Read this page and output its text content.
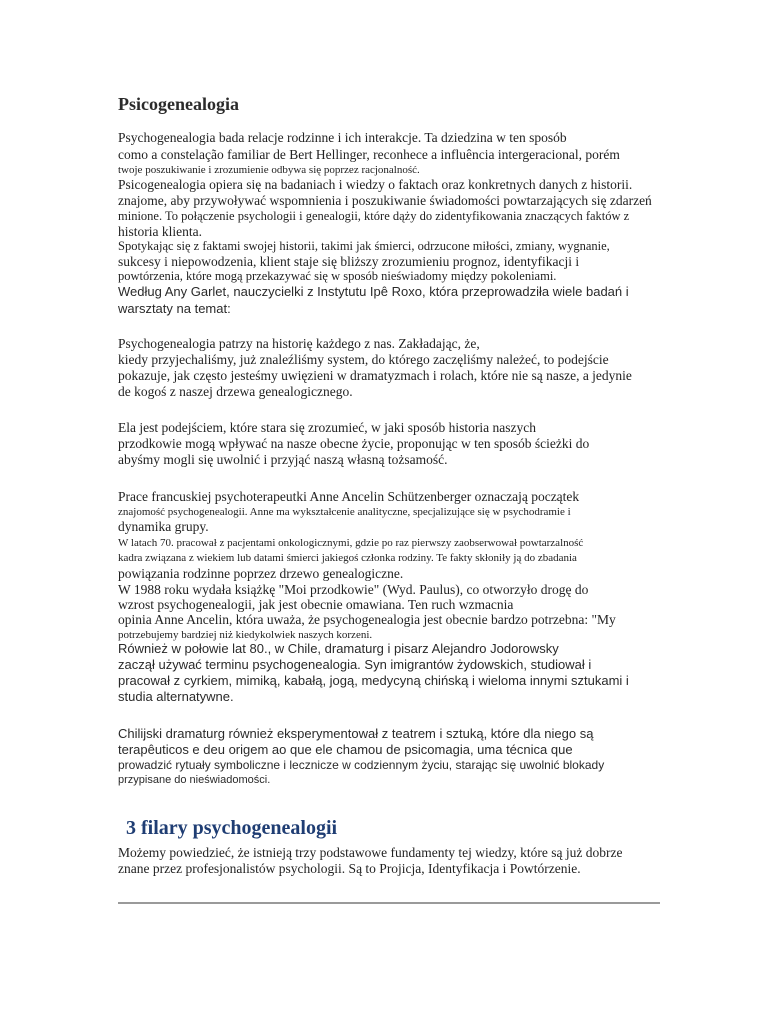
Psicogenealogia

Psychogenealogia bada relacje rodzinne i ich interakcje. Ta dziedzina w ten sposób

como a constelação familiar de Bert Hellinger, reconhece a influência intergeracional, porém

twoje poszukiwanie i zrozumienie odbywa się poprzez racjonalność.

Psicogenealogia opiera się na badaniach i wiedzy o faktach oraz konkretnych danych z historii.

znajome, aby przywoływać wspomnienia i poszukiwanie świadomości powtarzających się zdarzeń

minione. To połączenie psychologii i genealogii, które dąży do zidentyfikowania znaczących faktów z

historia klienta.

Spotykając się z faktami swojej historii, takimi jak śmierci, odrzucone miłości, zmiany, wygnanie,

sukcesy i niepowodzenia, klient staje się bliższy zrozumieniu prognoz, identyfikacji i

powtórzenia, które mogą przekazywać się w sposób nieświadomy między pokoleniami.

Według Any Garlet, nauczycielki z Instytutu Ipê Roxo, która przeprowadziła wiele badań i

warsztaty na temat:

Psychogenealogia patrzy na historię każdego z nas. Zakładając, że,

kiedy przyjechaliśmy, już znaleźliśmy system, do którego zaczęliśmy należeć, to podejście

pokazuje, jak często jesteśmy uwięzieni w dramatyzmach i rolach, które nie są nasze, a jedynie

de kogoś z naszej drzewa genealogicznego.

Ela jest podejściem, które stara się zrozumieć, w jaki sposób historia naszych

przodkowie mogą wpływać na nasze obecne życie, proponując w ten sposób ścieżki do

abyśmy mogli się uwolnić i przyjąć naszą własną tożsamość.

Prace francuskiej psychoterapeutki Anne Ancelin Schützenberger oznaczają początek

znajomość psychogenealogii. Anne ma wykształcenie analityczne, specjalizujące się w psychodramie i

dynamika grupy.

W latach 70. pracował z pacjentami onkologicznymi, gdzie po raz pierwszy zaobserwował powtarzalność

kadra związana z wiekiem lub datami śmierci jakiegoś członka rodziny. Te fakty skłoniły ją do zbadania

powiązania rodzinne poprzez drzewo genealogiczne.

W 1988 roku wydała książkę "Moi przodkowie" (Wyd. Paulus), co otworzyło drogę do

wzrost psychogenealogii, jak jest obecnie omawiana. Ten ruch wzmacnia

opinia Anne Ancelin, która uważa, że psychogenealogia jest obecnie bardzo potrzebna: "My

potrzebujemy bardziej niż kiedykolwiek naszych korzeni.

Również w połowie lat 80., w Chile, dramaturg i pisarz Alejandro Jodorowsky

zaczął używać terminu psychogenealogia. Syn imigrantów żydowskich, studiował i

pracował z cyrkiem, mimiką, kabałą, jogą, medycyną chińską i wieloma innymi sztukami i

studia alternatywne.

Chilijski dramaturg również eksperymentował z teatrem i sztuką, które dla niego są

terapêuticos e deu origem ao que ele chamou de psicomagia, uma técnica que

prowadzić rytuały symboliczne i lecznicze w codziennym życiu, starając się uwolnić blokady

przypisane do nieświadomości.

3 filary psychogenealogii

Możemy powiedzieć, że istnieją trzy podstawowe fundamenty tej wiedzy, które są już dobrze

znane przez profesjonalistów psychologii. Są to Projicja, Identyfikacja i Powtórzenie.
